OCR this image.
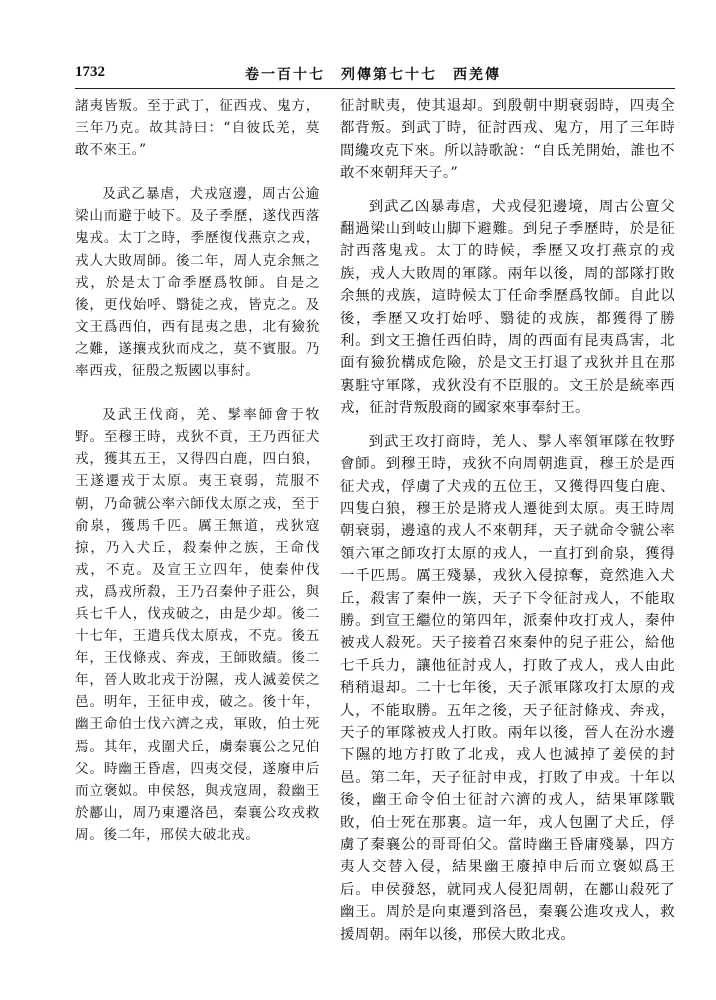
1732	卷一百十七　列傳第七十七　西羌傳

諸夷皆叛。至于武丁，征西戎、鬼方，三年乃克。故其詩曰：“自彼氐羌，莫敢不來王。”

及武乙暴虐，犬戎寇邊，周古公逾梁山而避于岐下。及子季歷，遂伐西落鬼戎。太丁之時，季歷復伐燕京之戎，戎人大敗周師。後二年，周人克余無之戎，於是太丁命季歷爲牧師。自是之後，更伐始呼、翳徒之戎，皆克之。及文王爲西伯，西有昆夷之患，北有獫狁之難，遂攘戎狄而戍之，莫不賓服。乃率西戎，征殷之叛國以事紂。

及武王伐商，羌、髳率師會于牧野。至穆王時，戎狄不貢，王乃西征犬戎，獲其五王，又得四白鹿，四白狼，王遂遷戎于太原。夷王衰弱，荒服不朝，乃命虢公率六師伐太原之戎，至于俞泉，獲馬千匹。厲王無道，戎狄寇掠，乃入犬丘，殺秦仲之族，王命伐戎，不克。及宣王立四年，使秦仲伐戎，爲戎所殺，王乃召秦仲子莊公，與兵七千人，伐戎破之，由是少却。後二十七年，王遣兵伐太原戎，不克。後五年，王伐條戎、奔戎，王師敗績。後二年，晉人敗北戎于汾隰，戎人滅姜侯之邑。明年，王征申戎，破之。後十年，幽王命伯士伐六濟之戎，軍敗，伯士死焉。其年，戎圍犬丘，虜秦襄公之兄伯父。時幽王昏虐，四夷交侵，遂廢申后而立褒姒。申侯怒，與戎寇周，殺幽王於酈山，周乃東遷洛邑，秦襄公攻戎救周。後二年，邢侯大破北戎。

征討畎夷，使其退却。到殷朝中期衰弱時，四夷全都背叛。到武丁時，征討西戎、鬼方，用了三年時間纔攻克下來。所以詩歌說：“自氐羌開始，誰也不敢不來朝拜天子。”

到武乙凶暴毒虐，犬戎侵犯邊境，周古公亶父翻過梁山到岐山脚下避難。到兒子季歷時，於是征討西落鬼戎。太丁的時候，季歷又攻打燕京的戎族，戎人大敗周的軍隊。兩年以後，周的部隊打敗余無的戎族，這時候太丁任命季歷爲牧師。自此以後，季歷又攻打始呼、翳徒的戎族，都獲得了勝利。到文王擔任西伯時，周的西面有昆夷爲害，北面有獫狁構成危險，於是文王打退了戎狄并且在那裏駐守軍隊，戎狄没有不臣服的。文王於是統率西戎，征討背叛殷商的國家來事奉紂王。

到武王攻打商時，羌人、髳人率領軍隊在牧野會師。到穆王時，戎狄不向周朝進貢，穆王於是西征犬戎，俘虜了犬戎的五位王，又獲得四隻白鹿、四隻白狼，穆王於是將戎人遷徙到太原。夷王時周朝衰弱，邊遠的戎人不來朝拜，天子就命令虢公率領六軍之師攻打太原的戎人，一直打到俞泉，獲得一千匹馬。厲王殘暴，戎狄入侵掠奪，竟然進入犬丘，殺害了秦仲一族，天子下令征討戎人，不能取勝。到宣王繼位的第四年，派秦仲攻打戎人，秦仲被戎人殺死。天子接着召來秦仲的兒子莊公，給他七千兵力，讓他征討戎人，打敗了戎人，戎人由此稍稍退却。二十七年後，天子派軍隊攻打太原的戎人，不能取勝。五年之後，天子征討條戎、奔戎，天子的軍隊被戎人打敗。兩年以後，晉人在汾水邊下隰的地方打敗了北戎，戎人也滅掉了姜侯的封邑。第二年，天子征討申戎，打敗了申戎。十年以後，幽王命令伯士征討六濟的戎人，結果軍隊戰敗，伯士死在那裏。這一年，戎人包圍了犬丘，俘虜了秦襄公的哥哥伯父。當時幽王昏庸殘暴，四方夷人交替入侵，結果幽王廢掉申后而立褒姒爲王后。申侯發怒，就同戎人侵犯周朝，在酈山殺死了幽王。周於是向東遷到洛邑，秦襄公進攻戎人，救援周朝。兩年以後，邢侯大敗北戎。
